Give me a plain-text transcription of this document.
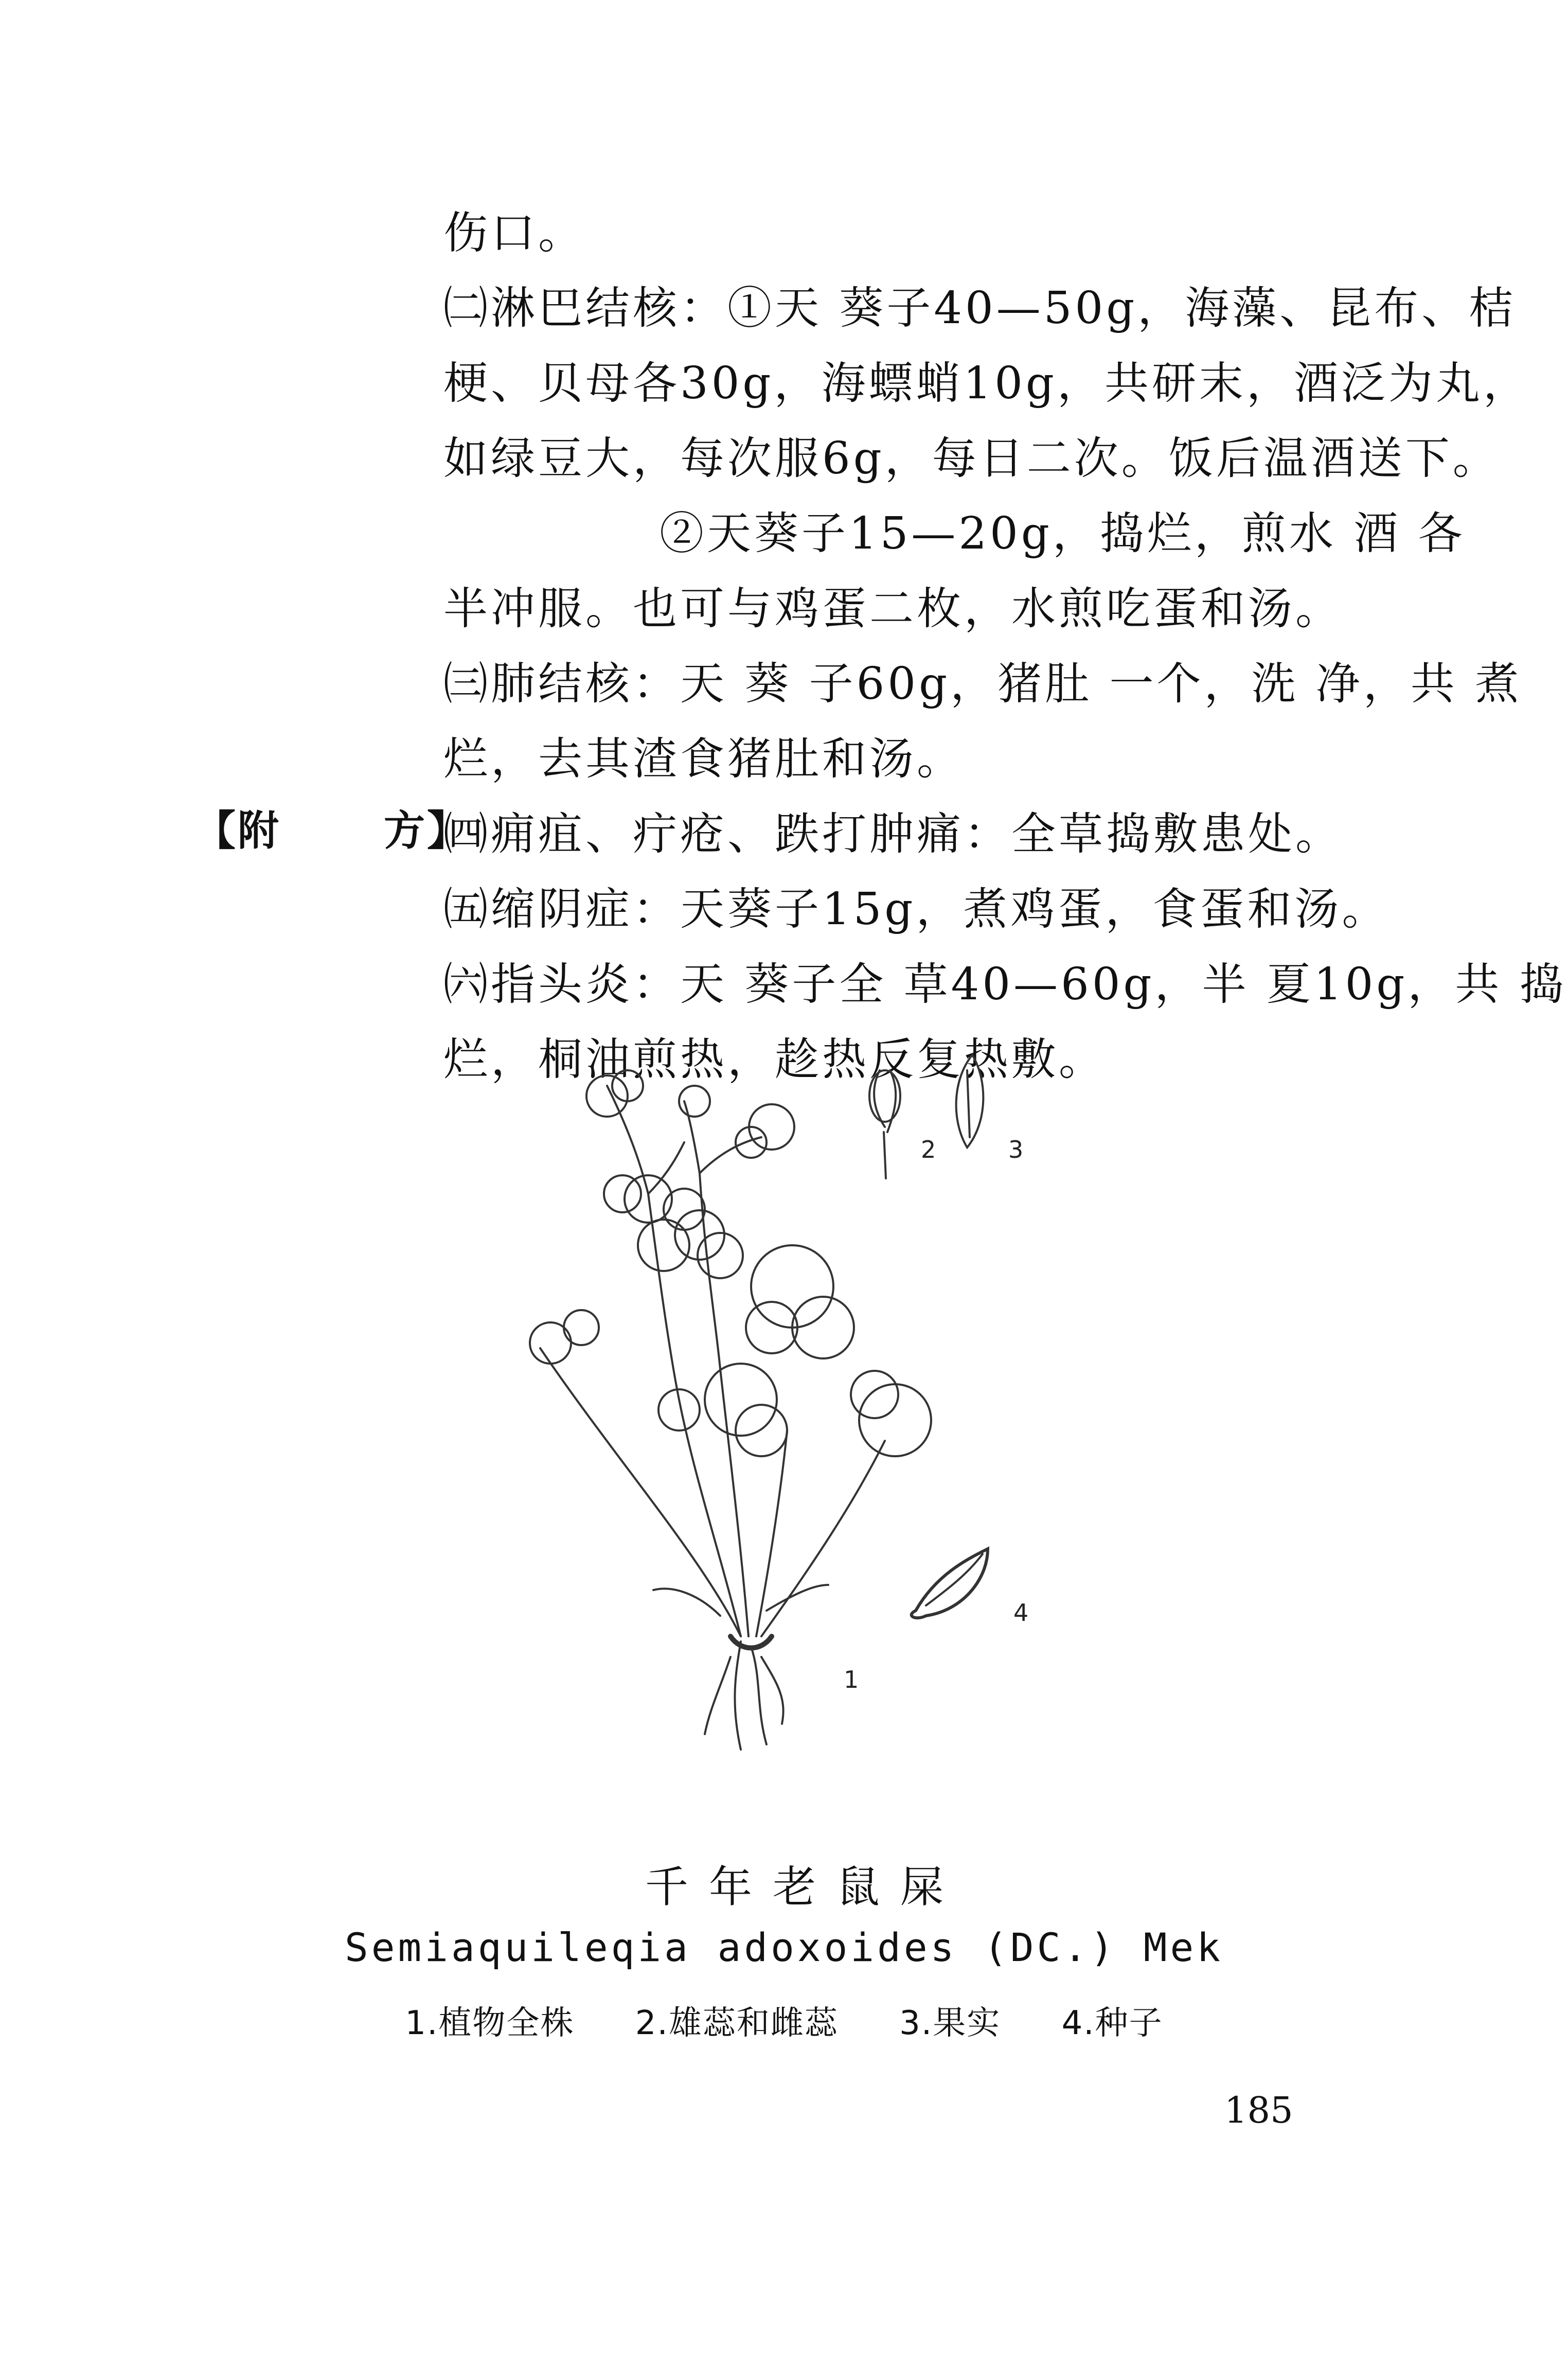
伤口。
㈡淋巴结核：①天 葵子40—50g，海藻、昆布、桔
梗、贝母各30g，海螵蛸10g，共研末，酒泛为丸，
如绿豆大，每次服6g，每日二次。饭后温酒送下。
②天葵子15—20g，捣烂，煎水 酒 各
半冲服。也可与鸡蛋二枚，水煎吃蛋和汤。
㈢肺结核：天 葵 子60g，猪肚 一个，洗 净，共 煮
烂，去其渣食猪肚和汤。
㈣痈疽、疔疮、跌打肿痛：全草捣敷患处。
㈤缩阴症：天葵子15g，煮鸡蛋，食蛋和汤。
㈥指头炎：天 葵子全 草40—60g，半 夏10g，共 捣
烂，桐油煎热，趁热反复热敷。
【附	方】
1
2	3
4
千年老鼠屎
Semiaquileqia adoxoides (DC.) Mek
1.植物全株 2.雄蕊和雌蕊 3.果实 4.种子
185
